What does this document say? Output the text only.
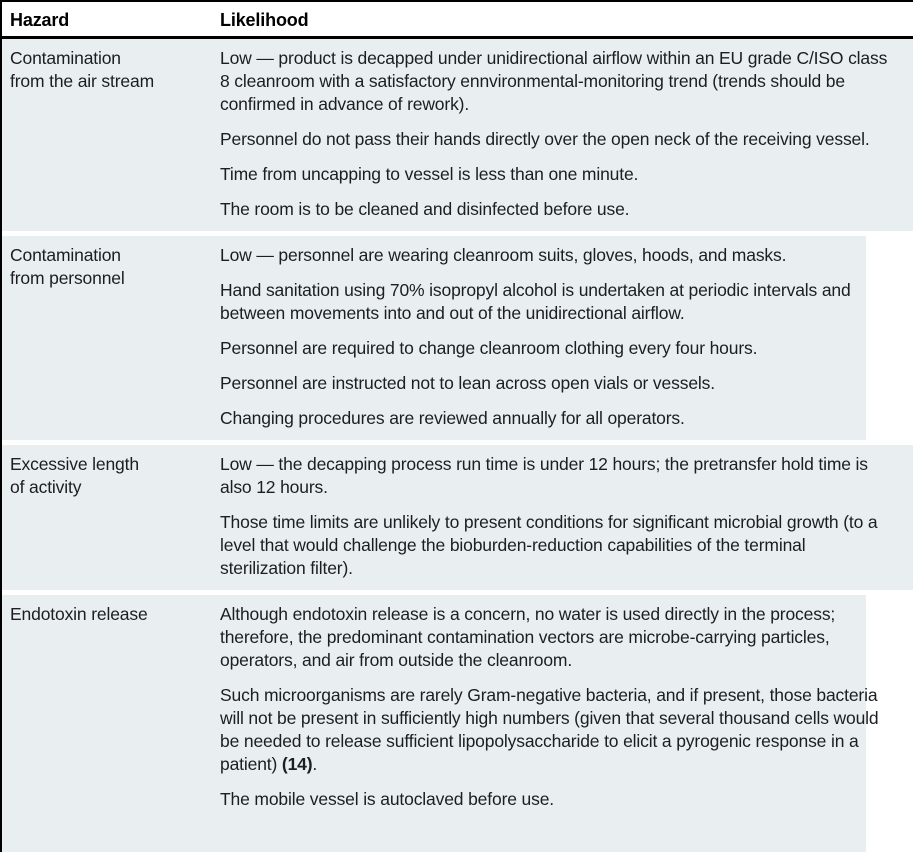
Hazard	Likelihood
Contamination from the air stream

Low — product is decapped under unidirectional airflow within an EU grade C/ISO class 8 cleanroom with a satisfactory ennvironmental-monitoring trend (trends should be confirmed in advance of rework).

Personnel do not pass their hands directly over the open neck of the receiving vessel.

Time from uncapping to vessel is less than one minute.

The room is to be cleaned and disinfected before use.

Contamination from personnel

Low — personnel are wearing cleanroom suits, gloves, hoods, and masks.

Hand sanitation using 70% isopropyl alcohol is undertaken at periodic intervals and between movements into and out of the unidirectional airflow.

Personnel are required to change cleanroom clothing every four hours.

Personnel are instructed not to lean across open vials or vessels.

Changing procedures are reviewed annually for all operators.

Excessive length of activity

Low — the decapping process run time is under 12 hours; the pretransfer hold time is also 12 hours.

Those time limits are unlikely to present conditions for significant microbial growth (to a level that would challenge the bioburden-reduction capabilities of the terminal sterilization filter).

Endotoxin release	Although endotoxin release is a concern, no water is used directly in the process; therefore, the predominant contamination vectors are microbe-carrying particles, operators, and air from outside the cleanroom.

Such microorganisms are rarely Gram-negative bacteria, and if present, those bacteria will not be present in sufficiently high numbers (given that several thousand cells would be needed to release sufficient lipopolysaccharide to elicit a pyrogenic response in a patient) (14).

The mobile vessel is autoclaved before use.
